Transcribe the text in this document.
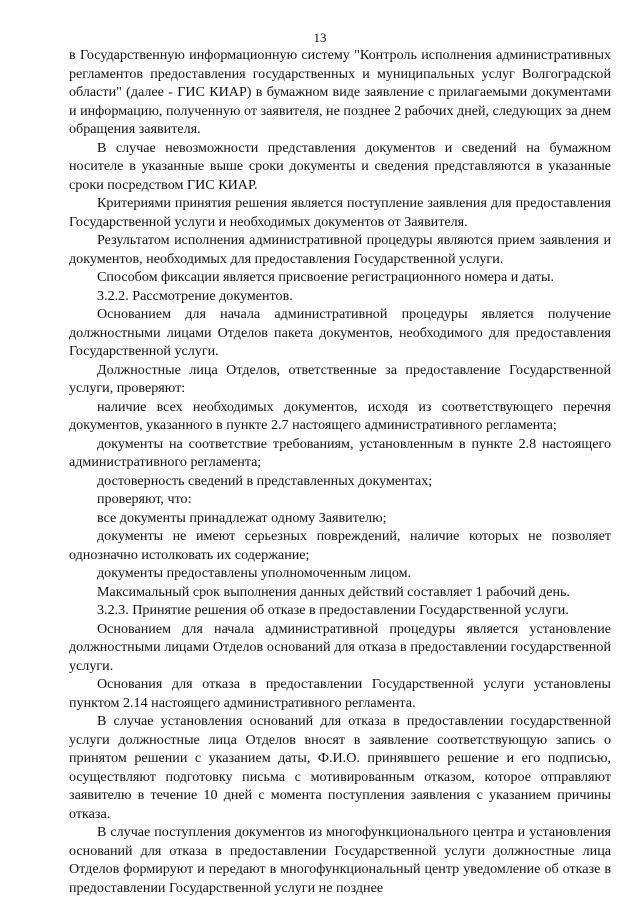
13

в Государственную информационную систему "Контроль исполнения административных регламентов предоставления государственных и муниципальных услуг Волгоградской области" (далее - ГИС КИАР) в бумажном виде заявление с прилагаемыми документами и информацию, полученную от заявителя, не позднее 2 рабочих дней, следующих за днем обращения заявителя.

В случае невозможности представления документов и сведений на бумажном носителе в указанные выше сроки документы и сведения представляются в указанные сроки посредством ГИС КИАР.

Критериями принятия решения является поступление заявления для предоставления Государственной услуги и необходимых документов от Заявителя.

Результатом исполнения административной процедуры являются прием заявления и документов, необходимых для предоставления Государственной услуги.

Способом фиксации является присвоение регистрационного номера и даты.

3.2.2. Рассмотрение документов.

Основанием для начала административной процедуры является получение должностными лицами Отделов пакета документов, необходимого для предоставления Государственной услуги.

Должностные лица Отделов, ответственные за предоставление Государственной услуги, проверяют:

наличие всех необходимых документов, исходя из соответствующего перечня документов, указанного в пункте 2.7 настоящего административного регламента;

документы на соответствие требованиям, установленным в пункте 2.8 настоящего административного регламента;

достоверность сведений в представленных документах;

проверяют, что:

все документы принадлежат одному Заявителю;

документы не имеют серьезных повреждений, наличие которых не позволяет однозначно истолковать их содержание;

документы предоставлены уполномоченным лицом.

Максимальный срок выполнения данных действий составляет 1 рабочий день.

3.2.3. Принятие решения об отказе в предоставлении Государственной услуги.

Основанием для начала административной процедуры является установление должностными лицами Отделов оснований для отказа в предоставлении государственной услуги.

Основания для отказа в предоставлении Государственной услуги установлены пунктом 2.14 настоящего административного регламента.

В случае установления оснований для отказа в предоставлении государственной услуги должностные лица Отделов вносят в заявление соответствующую запись о принятом решении с указанием даты, Ф.И.О. принявшего решение и его подписью, осуществляют подготовку письма с мотивированным отказом, которое отправляют заявителю в течение 10 дней с момента поступления заявления с указанием причины отказа.

В случае поступления документов из многофункционального центра и установления оснований для отказа в предоставлении Государственной услуги должностные лица Отделов формируют и передают в многофункциональный центр уведомление об отказе в предоставлении Государственной услуги не позднее
